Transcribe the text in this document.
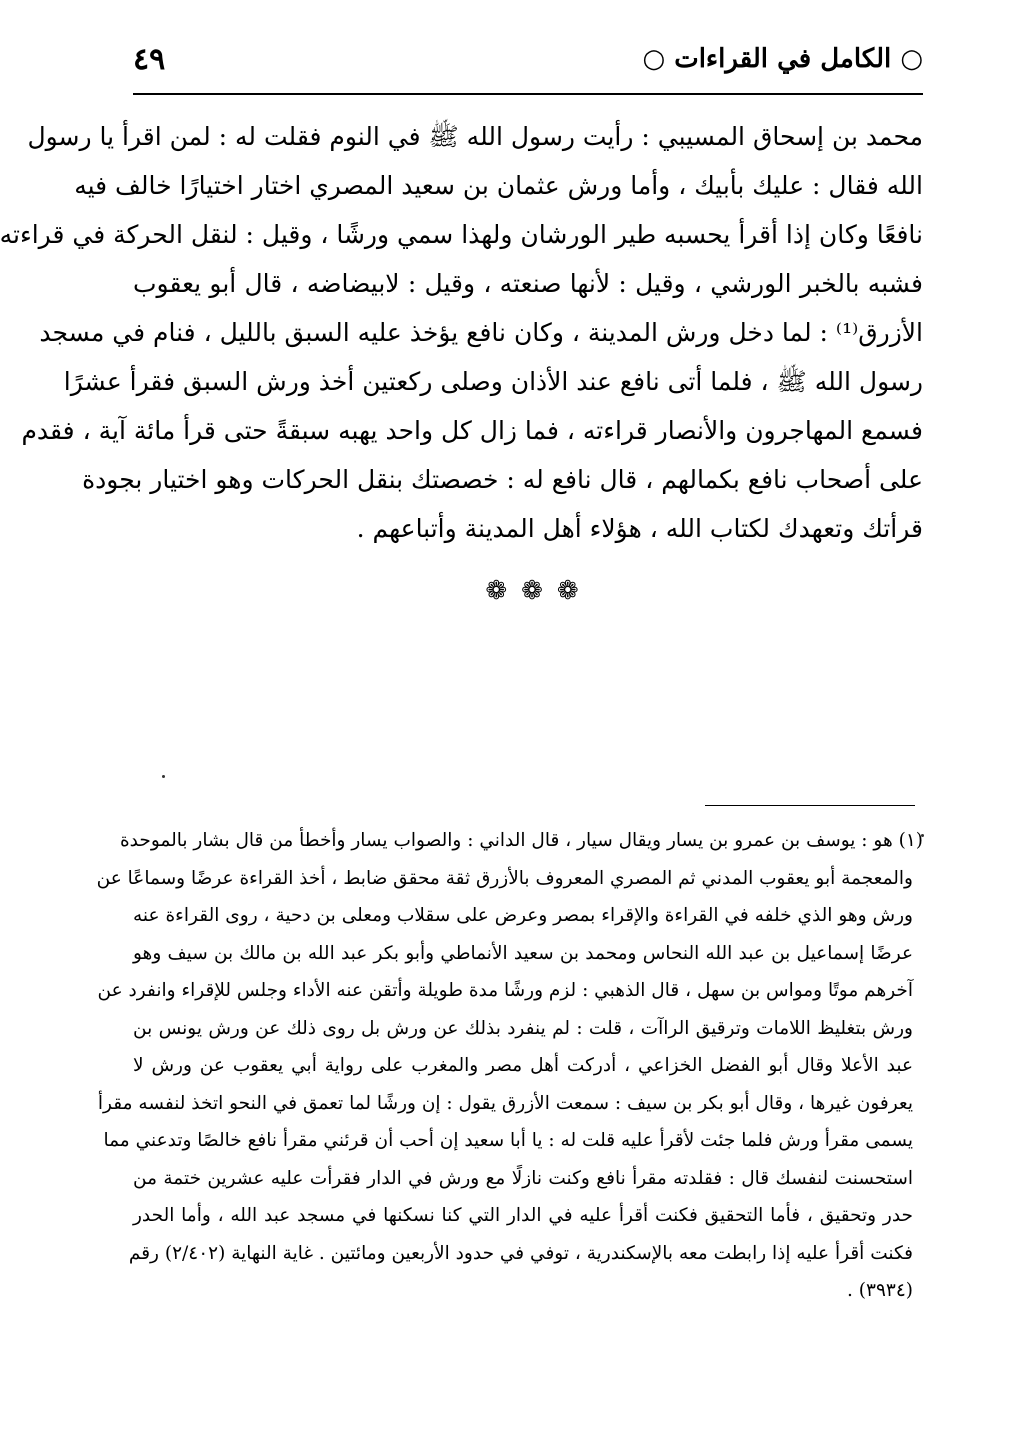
○ الكامل في القراءات ○
٤٩
محمد بن إسحاق المسيبي : رأيت رسول الله ﷺ في النوم فقلت له : لمن اقرأ يا رسول
الله فقال : عليك بأبيك ، وأما ورش عثمان بن سعيد المصري اختار اختيارًا خالف فيه
نافعًا وكان إذا أقرأ يحسبه طير الورشان ولهذا سمي ورشًا ، وقيل : لنقل الحركة في قراءته
فشبه بالخبر الورشي ، وقيل : لأنها صنعته ، وقيل : لابيضاضه ، قال أبو يعقوب
الأزرق⁽¹⁾ : لما دخل ورش المدينة ، وكان نافع يؤخذ عليه السبق بالليل ، فنام في مسجد
رسول الله ﷺ ، فلما أتى نافع عند الأذان وصلى ركعتين أخذ ورش السبق فقرأ عشرًا
فسمع المهاجرون والأنصار قراءته ، فما زال كل واحد يهبه سبقةً حتى قرأ مائة آية ، فقدم
على أصحاب نافع بكمالهم ، قال نافع له : خصصتك بنقل الحركات وهو اختيار بجودة
قرأتك وتعهدك لكتاب الله ، هؤلاء أهل المدينة وأتباعهم .
❁❁❁
(١) هو : يوسف بن عمرو بن يسار ويقال سيار ، قال الداني : والصواب يسار وأخطأ من قال بشار بالموحدة
والمعجمة أبو يعقوب المدني ثم المصري المعروف بالأزرق ثقة محقق ضابط ، أخذ القراءة عرضًا وسماعًا عن
ورش وهو الذي خلفه في القراءة والإقراء بمصر وعرض على سقلاب ومعلى بن دحية ، روى القراءة عنه
عرضًا إسماعيل بن عبد الله النحاس ومحمد بن سعيد الأنماطي وأبو بكر عبد الله بن مالك بن سيف وهو
آخرهم موتًا ومواس بن سهل ، قال الذهبي : لزم ورشًا مدة طويلة وأتقن عنه الأداء وجلس للإقراء وانفرد عن
ورش بتغليظ اللامات وترقيق الراآت ، قلت : لم ينفرد بذلك عن ورش بل روى ذلك عن ورش يونس بن
عبد الأعلا وقال أبو الفضل الخزاعي ، أدركت أهل مصر والمغرب على رواية أبي يعقوب عن ورش لا
يعرفون غيرها ، وقال أبو بكر بن سيف : سمعت الأزرق يقول : إن ورشًا لما تعمق في النحو اتخذ لنفسه مقرأ
يسمى مقرأ ورش فلما جئت لأقرأ عليه قلت له : يا أبا سعيد إن أحب أن قرئني مقرأ نافع خالصًا وتدعني مما
استحسنت لنفسك قال : فقلدته مقرأ نافع وكنت نازلًا مع ورش في الدار فقرأت عليه عشرين ختمة من
حدر وتحقيق ، فأما التحقيق فكنت أقرأ عليه في الدار التي كنا نسكنها في مسجد عبد الله ، وأما الحدر
فكنت أقرأ عليه إذا رابطت معه بالإسكندرية ، توفي في حدود الأربعين ومائتين . غاية النهاية (٢/٤٠٢) رقم
(٣٩٣٤) .
